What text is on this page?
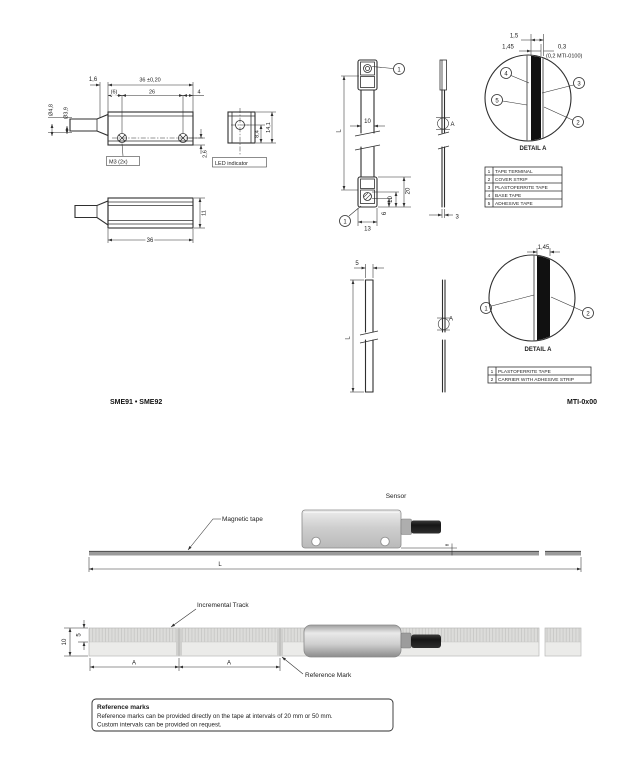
1,6	36 ±0,20
(6)	26	4
Ø4,8 Ø3,9
M3 (2x)
2,6
8,4
14,1
LED indicator
11
36
1
10
L
1
20
10
6
13
A
3
1,5
1,45	0,3
(0,2 MTI-0100)
4
5
3
2
DETAIL A
1 TAPE TERMINAL
2 COVER STRIP
3 PLASTOFERRITE TAPE
4 BASE TAPE
5 ADHESIVE TAPE
5
L
A
1,45
1
2
DETAIL A
1 PLASTOFERRITE TAPE
2 CARRIER WITH ADHESIVE STRIP
SME91 • SME92	MTI-0x00
Sensor
Magnetic tape
8
L
Incremental Track
10
5
A	A
Reference Mark
Reference marks
Reference marks can be provided directly on the tape at intervals of 20 mm or 50 mm.
Custom intervals can be provided on request.
